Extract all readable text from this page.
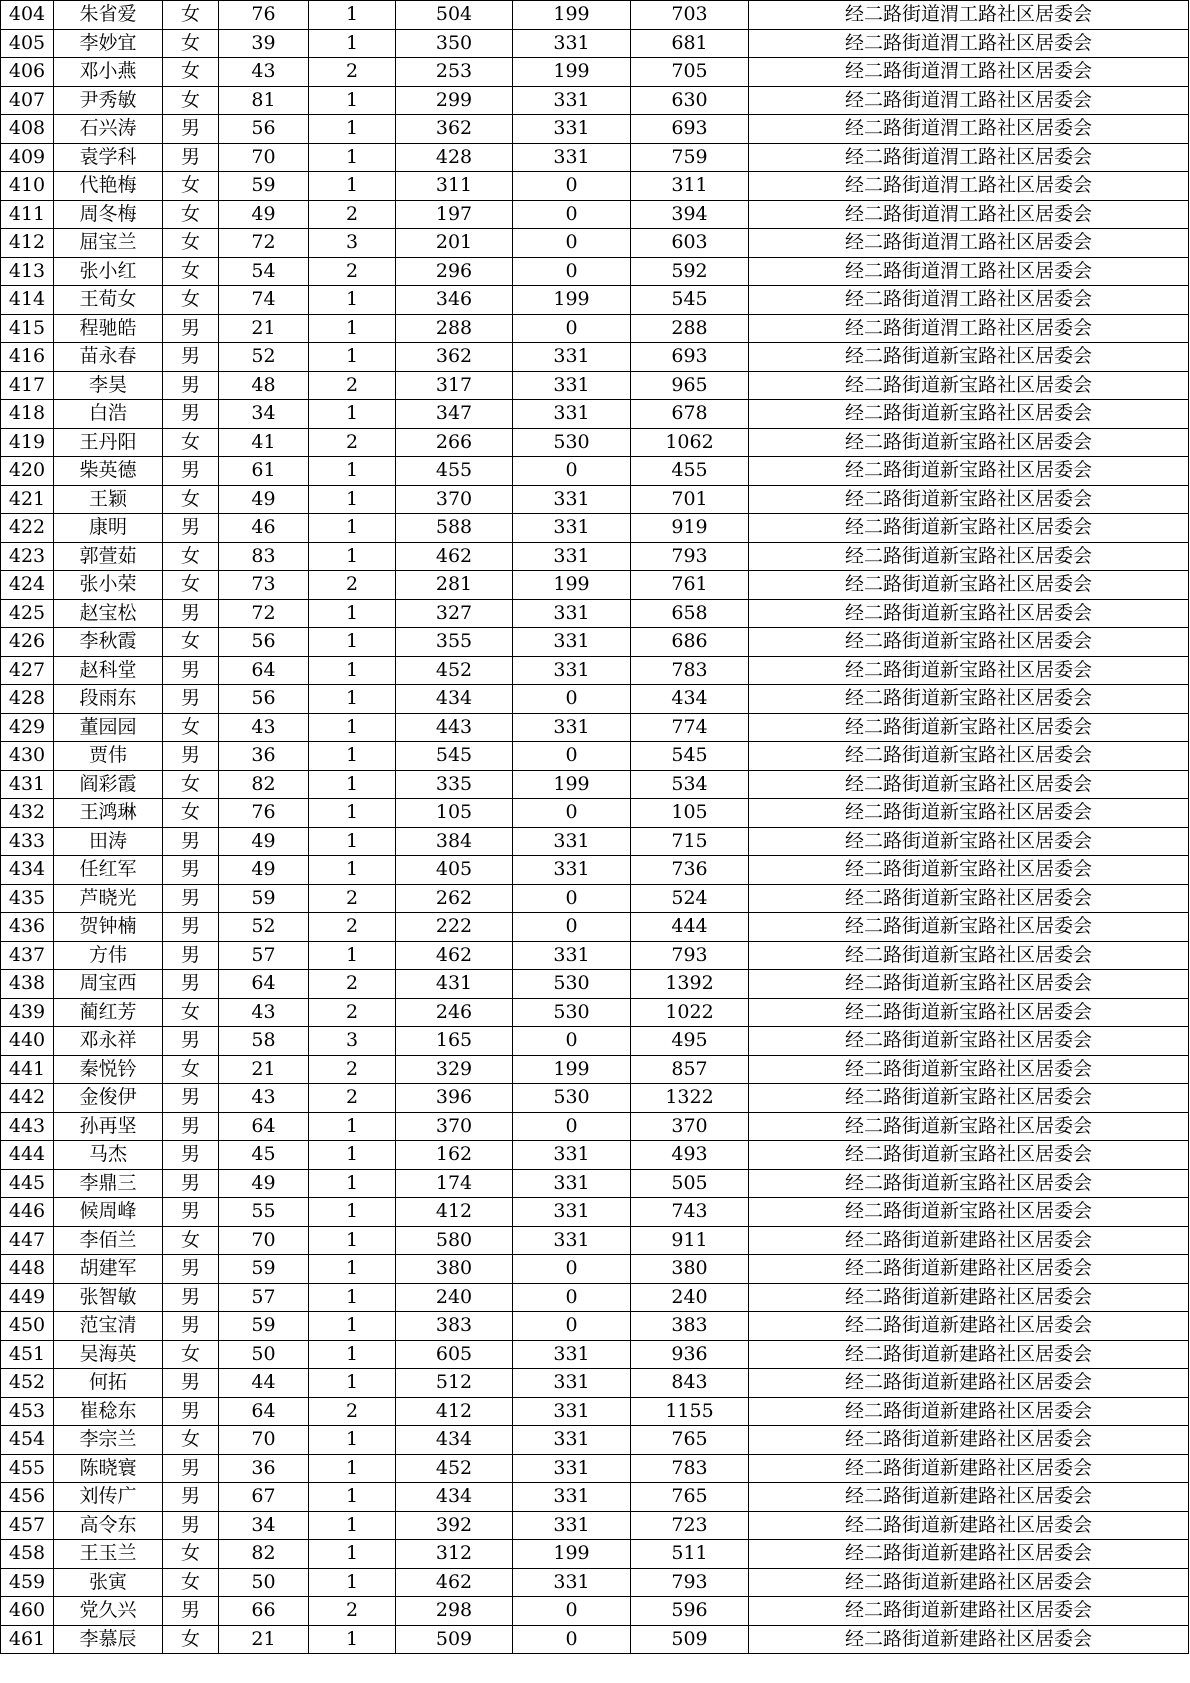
404	朱省爱	女	76	1	504	199	703	经二路街道渭工路社区居委会
405	李妙宜	女	39	1	350	331	681	经二路街道渭工路社区居委会
406	邓小燕	女	43	2	253	199	705	经二路街道渭工路社区居委会
407	尹秀敏	女	81	1	299	331	630	经二路街道渭工路社区居委会
408	石兴涛	男	56	1	362	331	693	经二路街道渭工路社区居委会
409	袁学科	男	70	1	428	331	759	经二路街道渭工路社区居委会
410	代艳梅	女	59	1	311	0	311	经二路街道渭工路社区居委会
411	周冬梅	女	49	2	197	0	394	经二路街道渭工路社区居委会
412	屈宝兰	女	72	3	201	0	603	经二路街道渭工路社区居委会
413	张小红	女	54	2	296	0	592	经二路街道渭工路社区居委会
414	王荀女	女	74	1	346	199	545	经二路街道渭工路社区居委会
415	程驰皓	男	21	1	288	0	288	经二路街道渭工路社区居委会
416	苗永春	男	52	1	362	331	693	经二路街道新宝路社区居委会
417	李昊	男	48	2	317	331	965	经二路街道新宝路社区居委会
418	白浩	男	34	1	347	331	678	经二路街道新宝路社区居委会
419	王丹阳	女	41	2	266	530	1062	经二路街道新宝路社区居委会
420	柴英德	男	61	1	455	0	455	经二路街道新宝路社区居委会
421	王颖	女	49	1	370	331	701	经二路街道新宝路社区居委会
422	康明	男	46	1	588	331	919	经二路街道新宝路社区居委会
423	郭萱茹	女	83	1	462	331	793	经二路街道新宝路社区居委会
424	张小荣	女	73	2	281	199	761	经二路街道新宝路社区居委会
425	赵宝松	男	72	1	327	331	658	经二路街道新宝路社区居委会
426	李秋霞	女	56	1	355	331	686	经二路街道新宝路社区居委会
427	赵科堂	男	64	1	452	331	783	经二路街道新宝路社区居委会
428	段雨东	男	56	1	434	0	434	经二路街道新宝路社区居委会
429	董园园	女	43	1	443	331	774	经二路街道新宝路社区居委会
430	贾伟	男	36	1	545	0	545	经二路街道新宝路社区居委会
431	阎彩霞	女	82	1	335	199	534	经二路街道新宝路社区居委会
432	王鸿琳	女	76	1	105	0	105	经二路街道新宝路社区居委会
433	田涛	男	49	1	384	331	715	经二路街道新宝路社区居委会
434	任红军	男	49	1	405	331	736	经二路街道新宝路社区居委会
435	芦晓光	男	59	2	262	0	524	经二路街道新宝路社区居委会
436	贺钟楠	男	52	2	222	0	444	经二路街道新宝路社区居委会
437	方伟	男	57	1	462	331	793	经二路街道新宝路社区居委会
438	周宝西	男	64	2	431	530	1392	经二路街道新宝路社区居委会
439	蔺红芳	女	43	2	246	530	1022	经二路街道新宝路社区居委会
440	邓永祥	男	58	3	165	0	495	经二路街道新宝路社区居委会
441	秦悦钤	女	21	2	329	199	857	经二路街道新宝路社区居委会
442	金俊伊	男	43	2	396	530	1322	经二路街道新宝路社区居委会
443	孙再坚	男	64	1	370	0	370	经二路街道新宝路社区居委会
444	马杰	男	45	1	162	331	493	经二路街道新宝路社区居委会
445	李鼎三	男	49	1	174	331	505	经二路街道新宝路社区居委会
446	候周峰	男	55	1	412	331	743	经二路街道新宝路社区居委会
447	李佰兰	女	70	1	580	331	911	经二路街道新建路社区居委会
448	胡建军	男	59	1	380	0	380	经二路街道新建路社区居委会
449	张智敏	男	57	1	240	0	240	经二路街道新建路社区居委会
450	范宝清	男	59	1	383	0	383	经二路街道新建路社区居委会
451	吴海英	女	50	1	605	331	936	经二路街道新建路社区居委会
452	何拓	男	44	1	512	331	843	经二路街道新建路社区居委会
453	崔稔东	男	64	2	412	331	1155	经二路街道新建路社区居委会
454	李宗兰	女	70	1	434	331	765	经二路街道新建路社区居委会
455	陈晓寰	男	36	1	452	331	783	经二路街道新建路社区居委会
456	刘传广	男	67	1	434	331	765	经二路街道新建路社区居委会
457	高令东	男	34	1	392	331	723	经二路街道新建路社区居委会
458	王玉兰	女	82	1	312	199	511	经二路街道新建路社区居委会
459	张寅	女	50	1	462	331	793	经二路街道新建路社区居委会
460	党久兴	男	66	2	298	0	596	经二路街道新建路社区居委会
461	李慕辰	女	21	1	509	0	509	经二路街道新建路社区居委会
